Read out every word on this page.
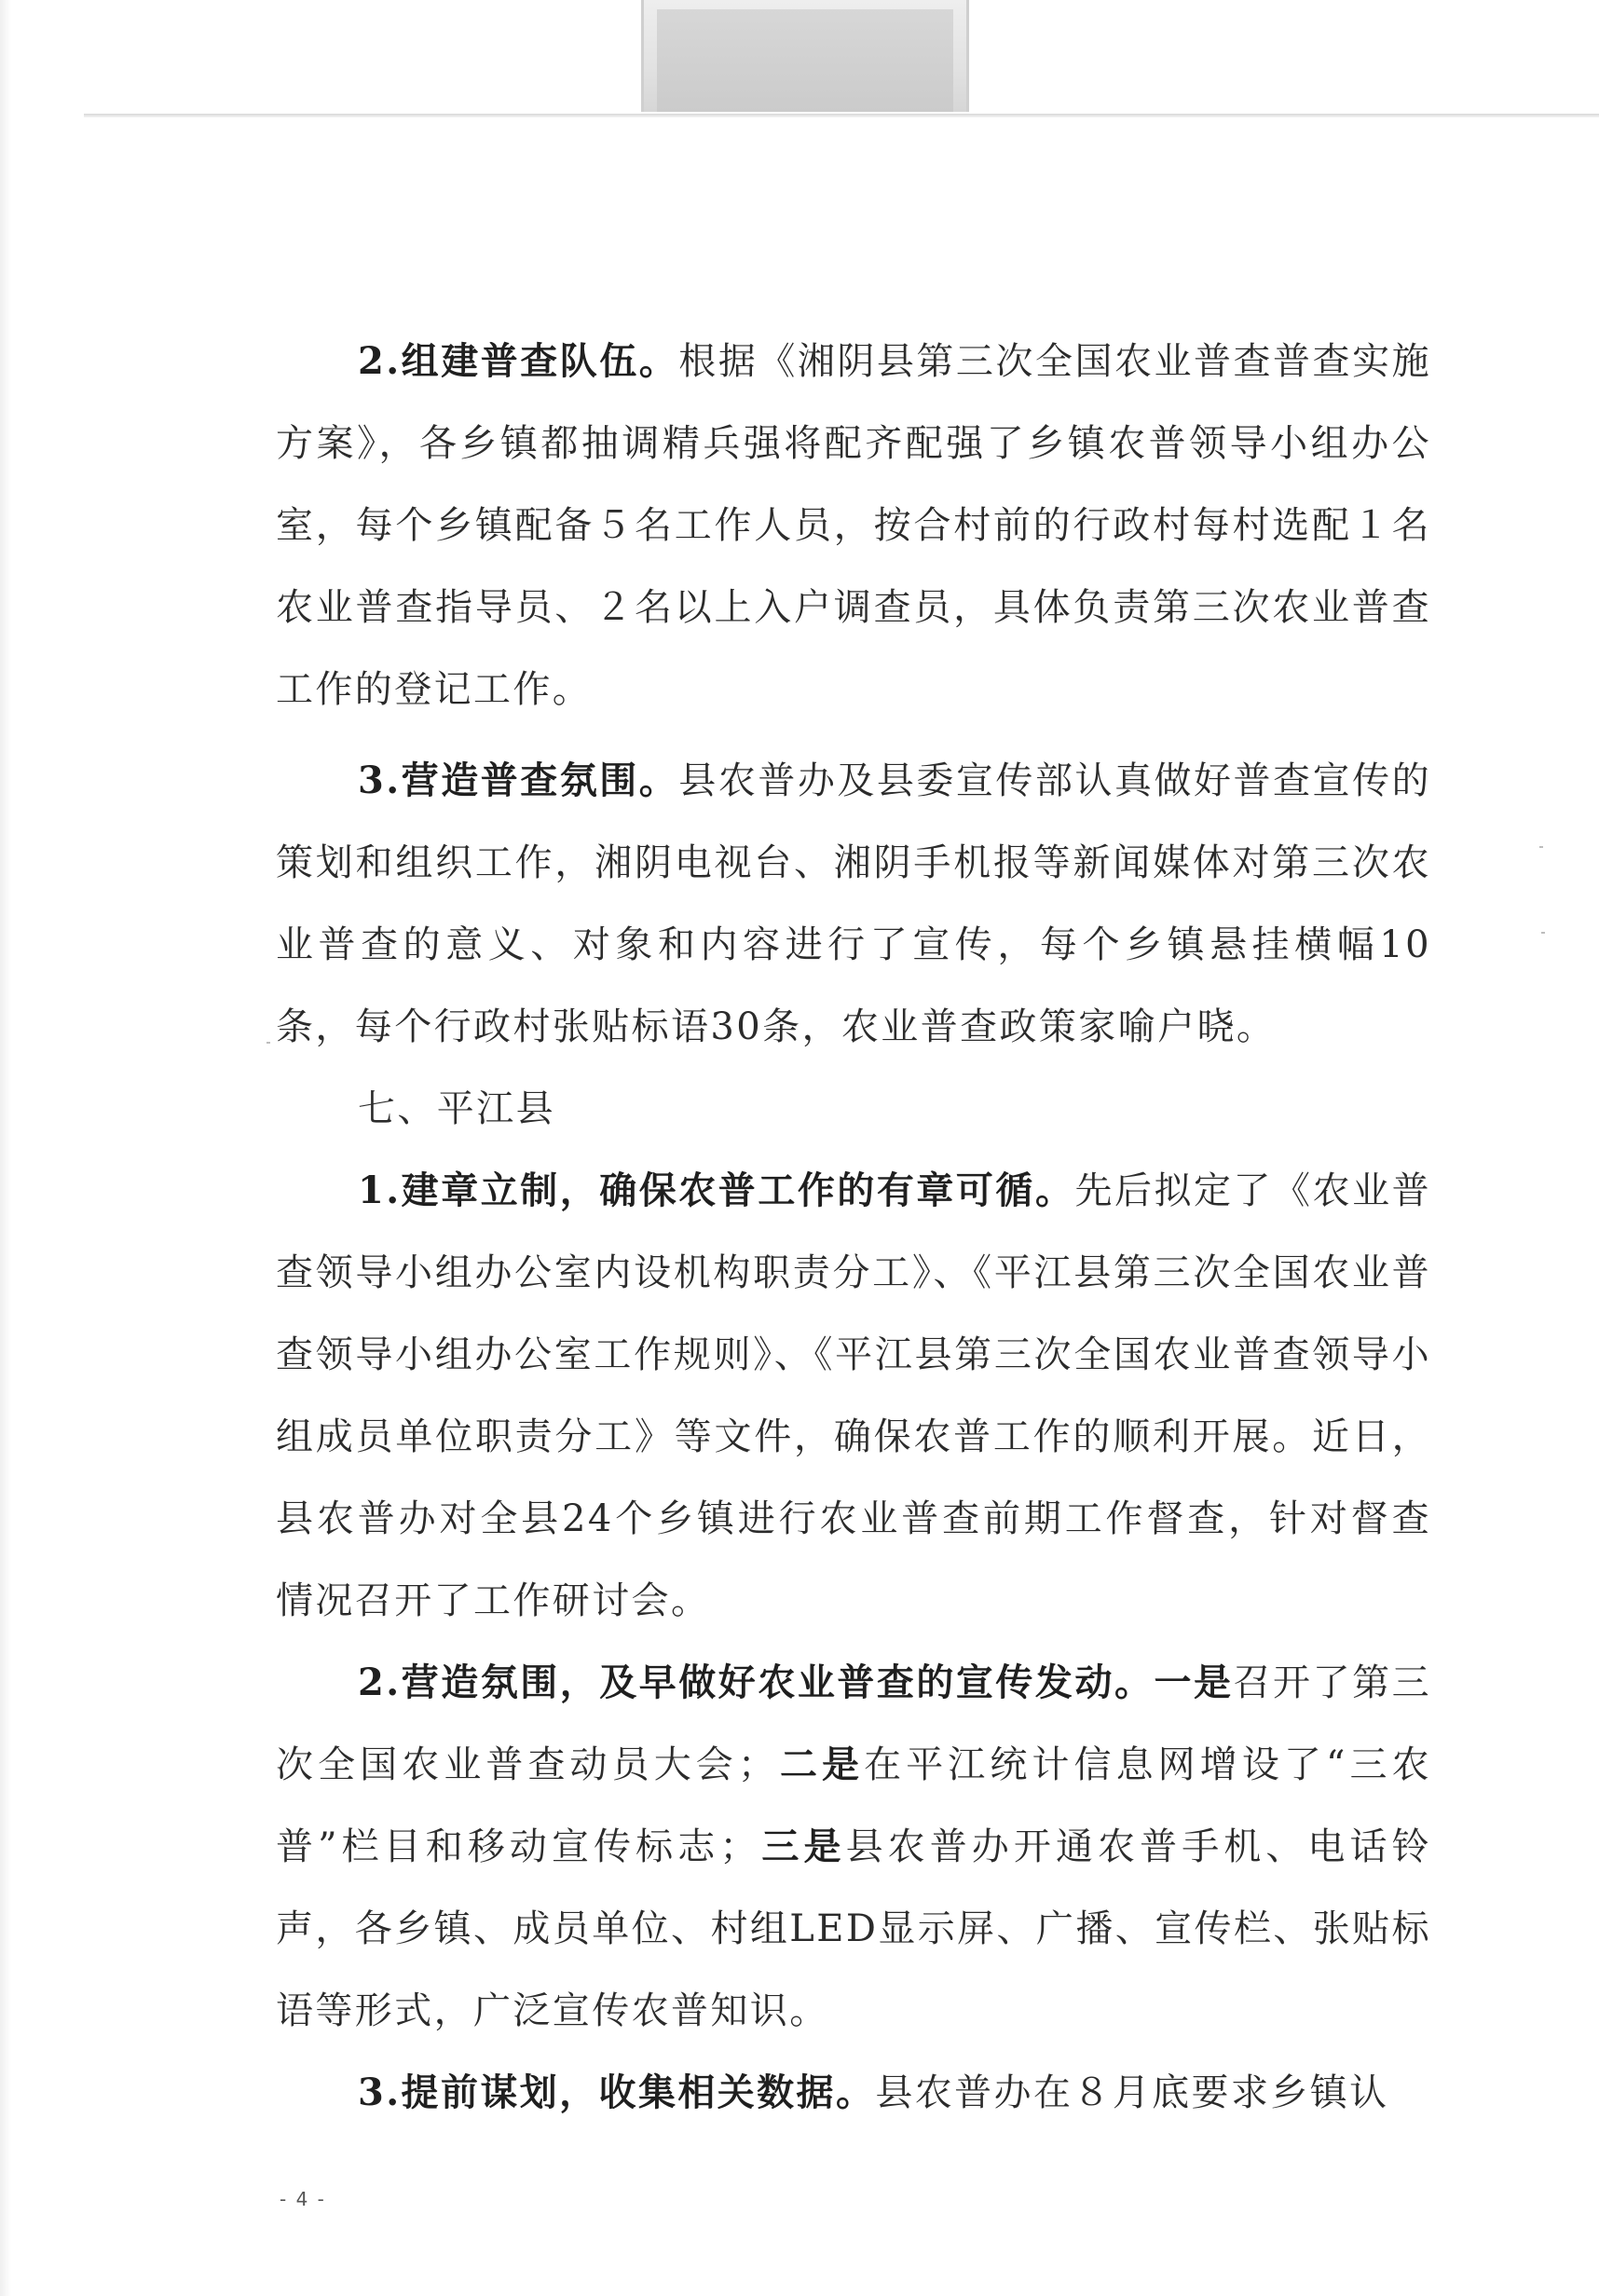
2.组建普查队伍。根据《湘阴县第三次全国农业普查普查实施方案》，各乡镇都抽调精兵强将配齐配强了乡镇农普领导小组办公室，每个乡镇配备５名工作人员，按合村前的行政村每村选配１名农业普查指导员、２名以上入户调查员，具体负责第三次农业普查工作的登记工作。

3.营造普查氛围。县农普办及县委宣传部认真做好普查宣传的策划和组织工作，湘阴电视台、湘阴手机报等新闻媒体对第三次农业普查的意义、对象和内容进行了宣传，每个乡镇悬挂横幅10条，每个行政村张贴标语30条，农业普查政策家喻户晓。

七、平江县

1.建章立制，确保农普工作的有章可循。先后拟定了《农业普查领导小组办公室内设机构职责分工》、《平江县第三次全国农业普查领导小组办公室工作规则》、《平江县第三次全国农业普查领导小组成员单位职责分工》等文件，确保农普工作的顺利开展。近日，县农普办对全县24个乡镇进行农业普查前期工作督查，针对督查情况召开了工作研讨会。

2.营造氛围，及早做好农业普查的宣传发动。一是召开了第三次全国农业普查动员大会；二是在平江统计信息网增设了“三农普”栏目和移动宣传标志；三是县农普办开通农普手机、电话铃声，各乡镇、成员单位、村组LED显示屏、广播、宣传栏、张贴标语等形式，广泛宣传农普知识。

3.提前谋划，收集相关数据。县农普办在８月底要求乡镇认

- 4 -
